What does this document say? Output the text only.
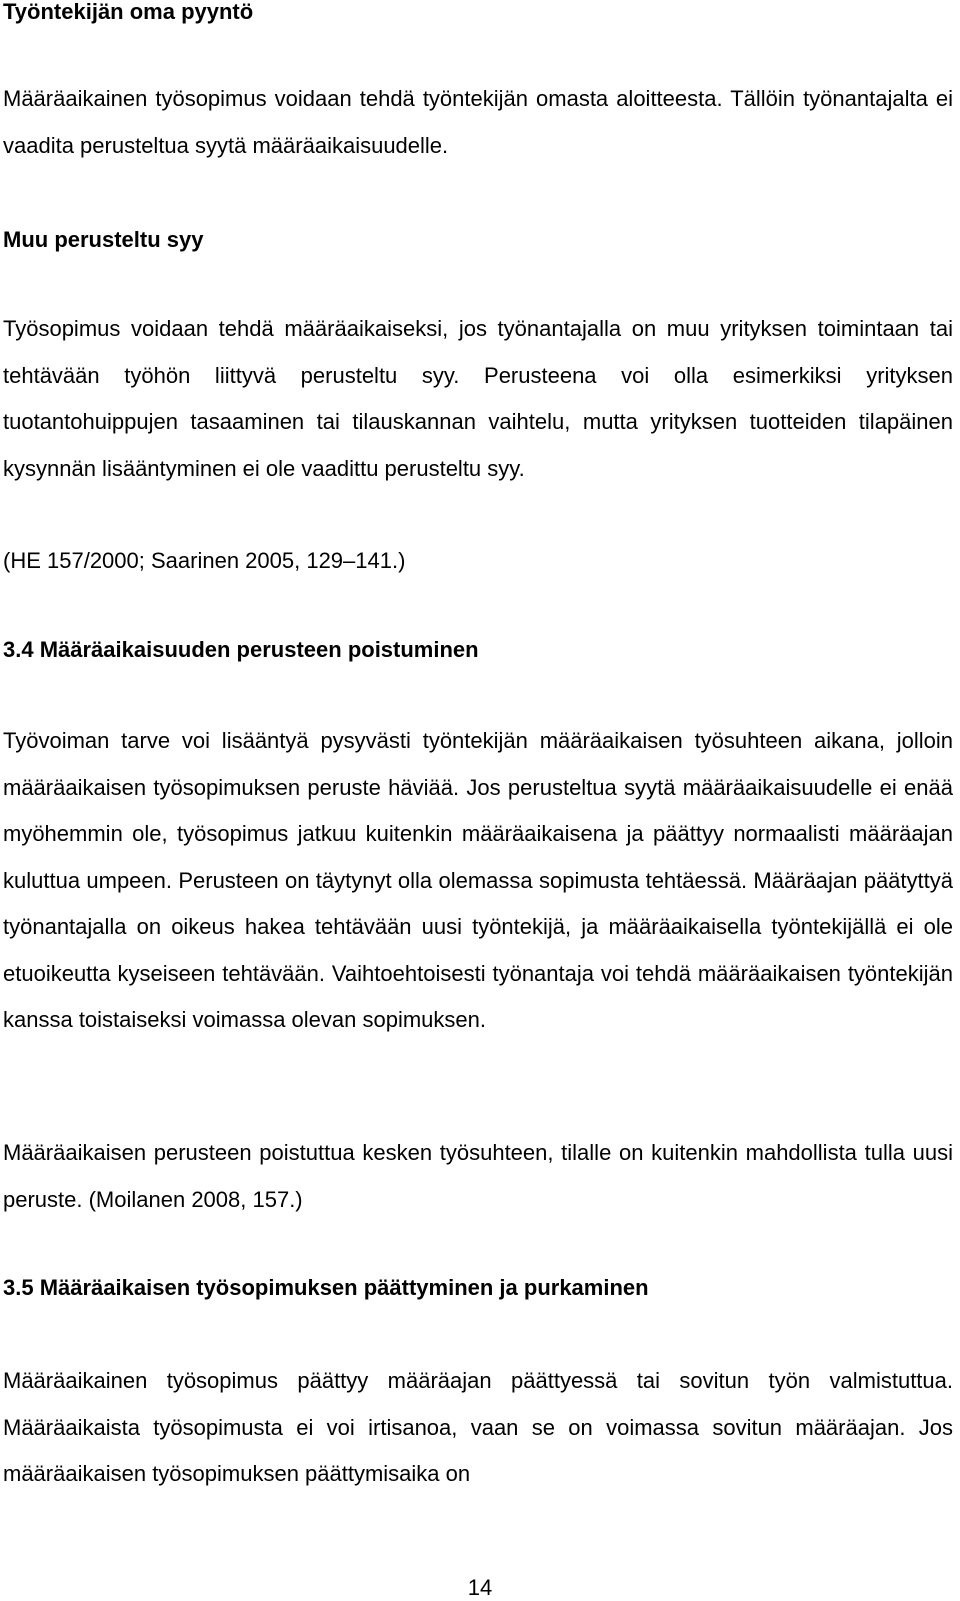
Työntekijän oma pyyntö

Määräaikainen työsopimus voidaan tehdä työntekijän omasta aloitteesta. Tällöin työnantajalta ei vaadita perusteltua syytä määräaikaisuudelle.

Muu perusteltu syy

Työsopimus voidaan tehdä määräaikaiseksi, jos työnantajalla on muu yrityksen toimintaan tai tehtävään työhön liittyvä perusteltu syy. Perusteena voi olla esimerkiksi yrityksen tuotantohuippujen tasaaminen tai tilauskannan vaihtelu, mutta yrityksen tuotteiden tilapäinen kysynnän lisääntyminen ei ole vaadittu perusteltu syy.

(HE 157/2000; Saarinen 2005, 129–141.)

3.4 Määräaikaisuuden perusteen poistuminen

Työvoiman tarve voi lisääntyä pysyvästi työntekijän määräaikaisen työsuhteen aikana, jolloin määräaikaisen työsopimuksen peruste häviää. Jos perusteltua syytä määräaikaisuudelle ei enää myöhemmin ole, työsopimus jatkuu kuitenkin määräaikaisena ja päättyy normaalisti määräajan kuluttua umpeen. Perusteen on täytynyt olla olemassa sopimusta tehtäessä. Määräajan päätyttyä työnantajalla on oikeus hakea tehtävään uusi työntekijä, ja määräaikaisella työntekijällä ei ole etuoikeutta kyseiseen tehtävään. Vaihtoehtoisesti työnantaja voi tehdä määräaikaisen työntekijän kanssa toistaiseksi voimassa olevan sopimuksen.

Määräaikaisen perusteen poistuttua kesken työsuhteen, tilalle on kuitenkin mahdollista tulla uusi peruste. (Moilanen 2008, 157.)

3.5 Määräaikaisen työsopimuksen päättyminen ja purkaminen

Määräaikainen työsopimus päättyy määräajan päättyessä tai sovitun työn valmistuttua. Määräaikaista työsopimusta ei voi irtisanoa, vaan se on voimassa sovitun määräajan. Jos määräaikaisen työsopimuksen päättymisaika on

14
